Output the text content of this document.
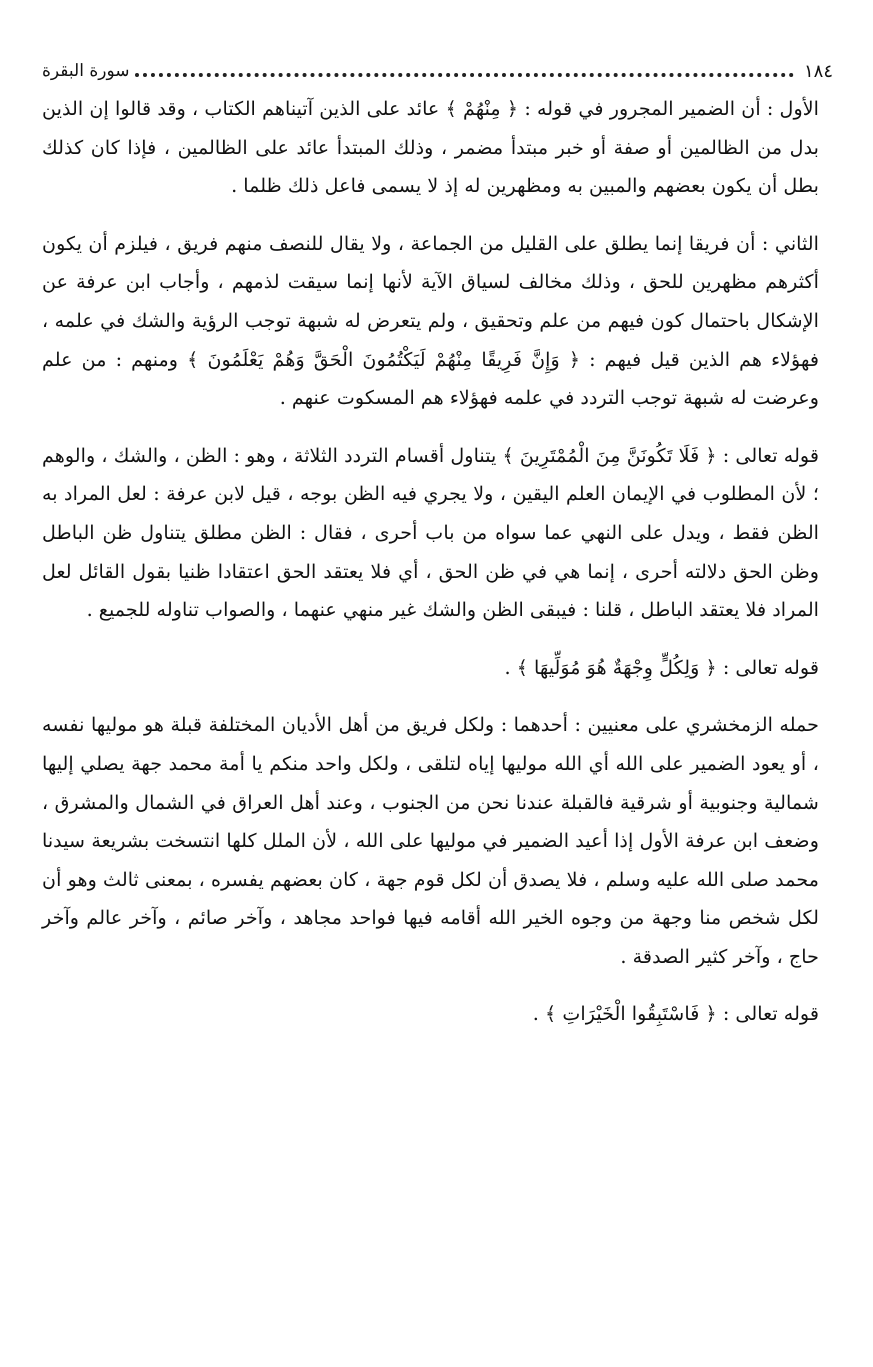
١٨٤
سورة البقرة

الأول : أن الضمير المجرور في قوله : ﴿ مِنْهُمْ ﴾ عائد على الذين آتيناهم الكتاب ، وقد قالوا إن الذين بدل من الظالمين أو صفة أو خبر مبتدأ مضمر ، وذلك المبتدأ عائد على الظالمين ، فإذا كان كذلك بطل أن يكون بعضهم والمبين به ومظهرين له إذ لا يسمى فاعل ذلك ظلما .

الثاني : أن فريقا إنما يطلق على القليل من الجماعة ، ولا يقال للنصف منهم فريق ، فيلزم أن يكون أكثرهم مظهرين للحق ، وذلك مخالف لسياق الآية لأنها إنما سيقت لذمهم ، وأجاب ابن عرفة عن الإشكال باحتمال كون فيهم من علم وتحقيق ، ولم يتعرض له شبهة توجب الرؤية والشك في علمه ، فهؤلاء هم الذين قيل فيهم : ﴿ وَإِنَّ فَرِيقًا مِنْهُمْ لَيَكْتُمُونَ الْحَقَّ وَهُمْ يَعْلَمُونَ ﴾ ومنهم : من علم وعرضت له شبهة توجب التردد في علمه فهؤلاء هم المسكوت عنهم .

قوله تعالى : ﴿ فَلَا تَكُونَنَّ مِنَ الْمُمْتَرِينَ ﴾ يتناول أقسام التردد الثلاثة ، وهو : الظن ، والشك ، والوهم ؛ لأن المطلوب في الإيمان العلم اليقين ، ولا يجري فيه الظن بوجه ، قيل لابن عرفة : لعل المراد به الظن فقط ، ويدل على النهي عما سواه من باب أحرى ، فقال : الظن مطلق يتناول ظن الباطل وظن الحق دلالته أحرى ، إنما هي في ظن الحق ، أي فلا يعتقد الحق اعتقادا ظنيا بقول القائل لعل المراد فلا يعتقد الباطل ، قلنا : فيبقى الظن والشك غير منهي عنهما ، والصواب تناوله للجميع .

قوله تعالى : ﴿ وَلِكُلٍّ وِجْهَةٌ هُوَ مُوَلِّيهَا ﴾ .

حمله الزمخشري على معنيين : أحدهما : ولكل فريق من أهل الأديان المختلفة قبلة هو موليها نفسه ، أو يعود الضمير على الله أي الله موليها إياه لتلقى ، ولكل واحد منكم يا أمة محمد جهة يصلي إليها شمالية وجنوبية أو شرقية فالقبلة عندنا نحن من الجنوب ، وعند أهل العراق في الشمال والمشرق ، وضعف ابن عرفة الأول إذا أعيد الضمير في موليها على الله ، لأن الملل كلها انتسخت بشريعة سيدنا محمد صلى الله عليه وسلم ، فلا يصدق أن لكل قوم جهة ، كان بعضهم يفسره ، بمعنى ثالث وهو أن لكل شخص منا وجهة من وجوه الخير الله أقامه فيها فواحد مجاهد ، وآخر صائم ، وآخر عالم وآخر حاج ، وآخر كثير الصدقة .

قوله تعالى : ﴿ فَاسْتَبِقُوا الْخَيْرَاتِ ﴾ .
